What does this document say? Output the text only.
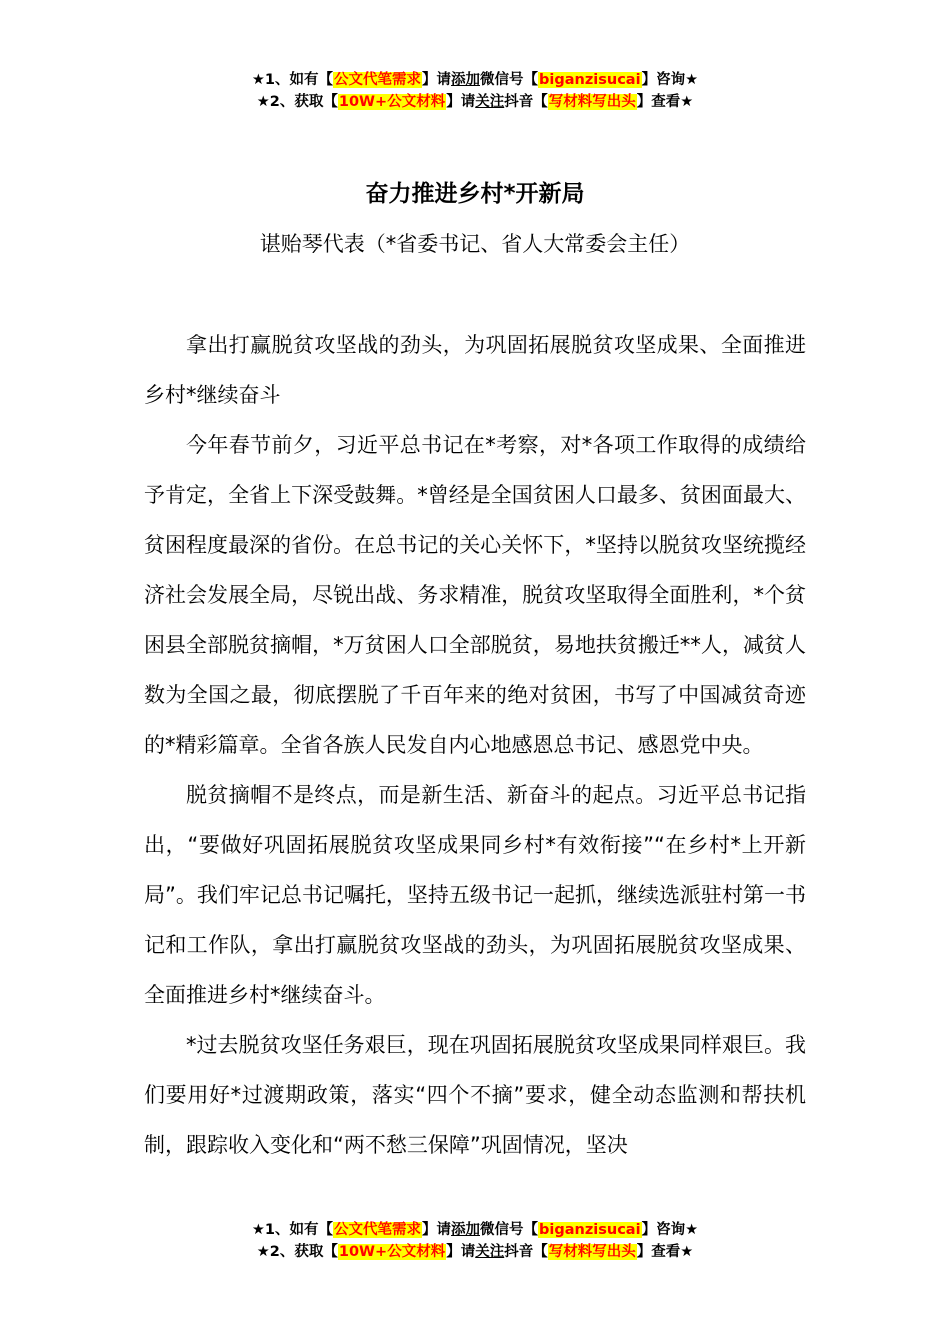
★1、如有【公文代笔需求】请添加微信号【biganzisucai】咨询★
★2、获取【10W+公文材料】请关注抖音【写材料写出头】查看★
奋力推进乡村*开新局
谌贻琴代表（*省委书记、省人大常委会主任）

拿出打赢脱贫攻坚战的劲头，为巩固拓展脱贫攻坚成果、全面推进乡村*继续奋斗

今年春节前夕，习近平总书记在*考察，对*各项工作取得的成绩给予肯定，全省上下深受鼓舞。*曾经是全国贫困人口最多、贫困面最大、贫困程度最深的省份。在总书记的关心关怀下，*坚持以脱贫攻坚统揽经济社会发展全局，尽锐出战、务求精准，脱贫攻坚取得全面胜利，*个贫困县全部脱贫摘帽，*万贫困人口全部脱贫，易地扶贫搬迁**人，减贫人数为全国之最，彻底摆脱了千百年来的绝对贫困，书写了中国减贫奇迹的*精彩篇章。全省各族人民发自内心地感恩总书记、感恩党中央。

脱贫摘帽不是终点，而是新生活、新奋斗的起点。习近平总书记指出，“要做好巩固拓展脱贫攻坚成果同乡村*有效衔接”“在乡村*上开新局”。我们牢记总书记嘱托，坚持五级书记一起抓，继续选派驻村第一书记和工作队，拿出打赢脱贫攻坚战的劲头，为巩固拓展脱贫攻坚成果、全面推进乡村*继续奋斗。

*过去脱贫攻坚任务艰巨，现在巩固拓展脱贫攻坚成果同样艰巨。我们要用好*过渡期政策，落实“四个不摘”要求，健全动态监测和帮扶机制，跟踪收入变化和“两不愁三保障”巩固情况，坚决

★1、如有【公文代笔需求】请添加微信号【biganzisucai】咨询★
★2、获取【10W+公文材料】请关注抖音【写材料写出头】查看★
